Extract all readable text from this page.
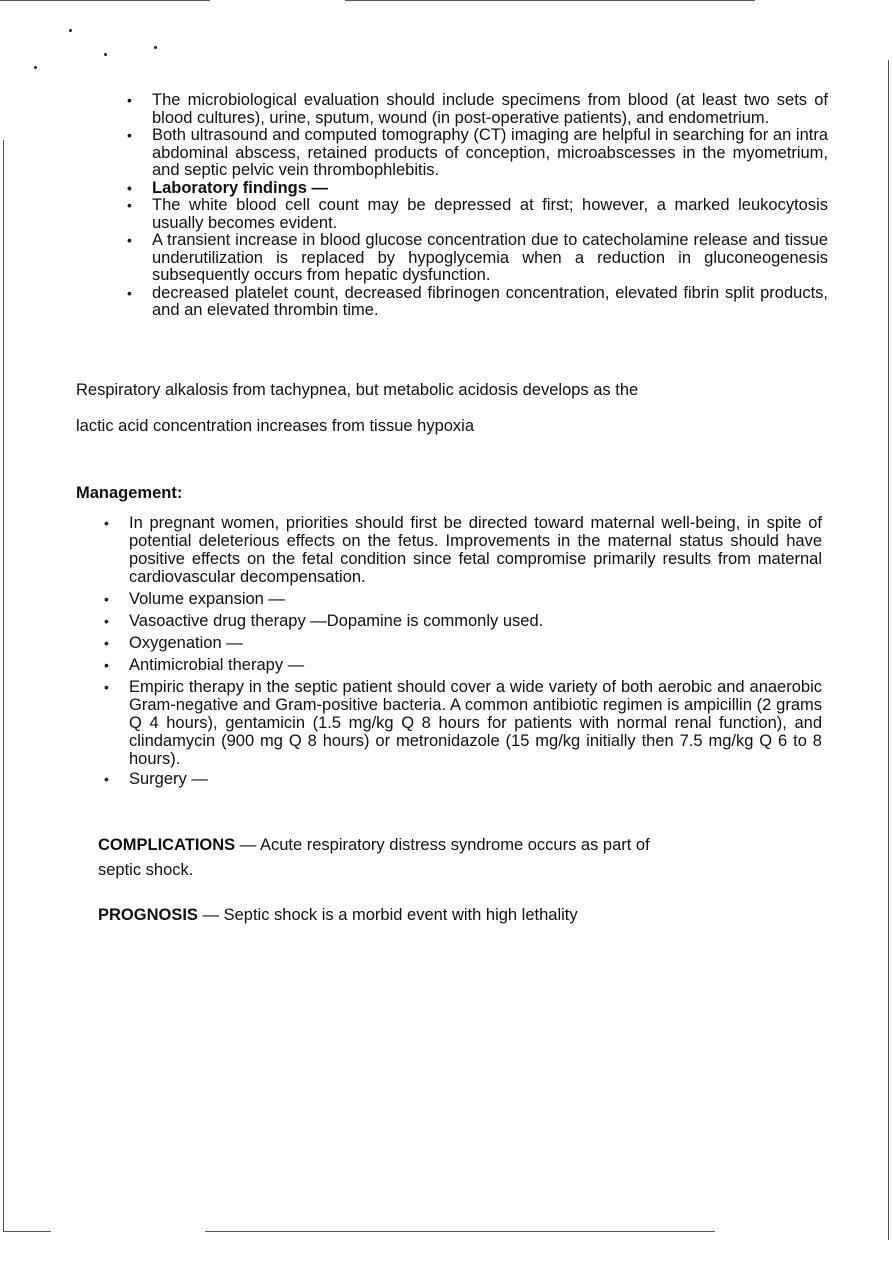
• The microbiological evaluation should include specimens from blood (at least two sets of blood cultures), urine, sputum, wound (in post-operative patients), and endometrium.
• Both ultrasound and computed tomography (CT) imaging are helpful in searching for an intra abdominal abscess, retained products of conception, microabscesses in the myometrium, and septic pelvic vein thrombophlebitis.
• Laboratory findings —
• The white blood cell count may be depressed at first; however, a marked leukocytosis usually becomes evident.
• A transient increase in blood glucose concentration due to catecholamine release and tissue underutilization is replaced by hypoglycemia when a reduction in gluconeogenesis subsequently occurs from hepatic dysfunction.
• decreased platelet count, decreased fibrinogen concentration, elevated fibrin split products, and an elevated thrombin time.

Respiratory alkalosis from tachypnea, but metabolic acidosis develops as the

lactic acid concentration increases from tissue hypoxia

Management:

• In pregnant women, priorities should first be directed toward maternal well-being, in spite of potential deleterious effects on the fetus. Improvements in the maternal status should have positive effects on the fetal condition since fetal compromise primarily results from maternal cardiovascular decompensation.
• Volume expansion —
• Vasoactive drug therapy —Dopamine is commonly used.
• Oxygenation —
• Antimicrobial therapy —
• Empiric therapy in the septic patient should cover a wide variety of both aerobic and anaerobic Gram-negative and Gram-positive bacteria. A common antibiotic regimen is ampicillin (2 grams Q 4 hours), gentamicin (1.5 mg/kg Q 8 hours for patients with normal renal function), and clindamycin (900 mg Q 8 hours) or metronidazole (15 mg/kg initially then 7.5 mg/kg Q 6 to 8 hours).
• Surgery —

COMPLICATIONS — Acute respiratory distress syndrome occurs as part of

septic shock.

PROGNOSIS — Septic shock is a morbid event with high lethality
